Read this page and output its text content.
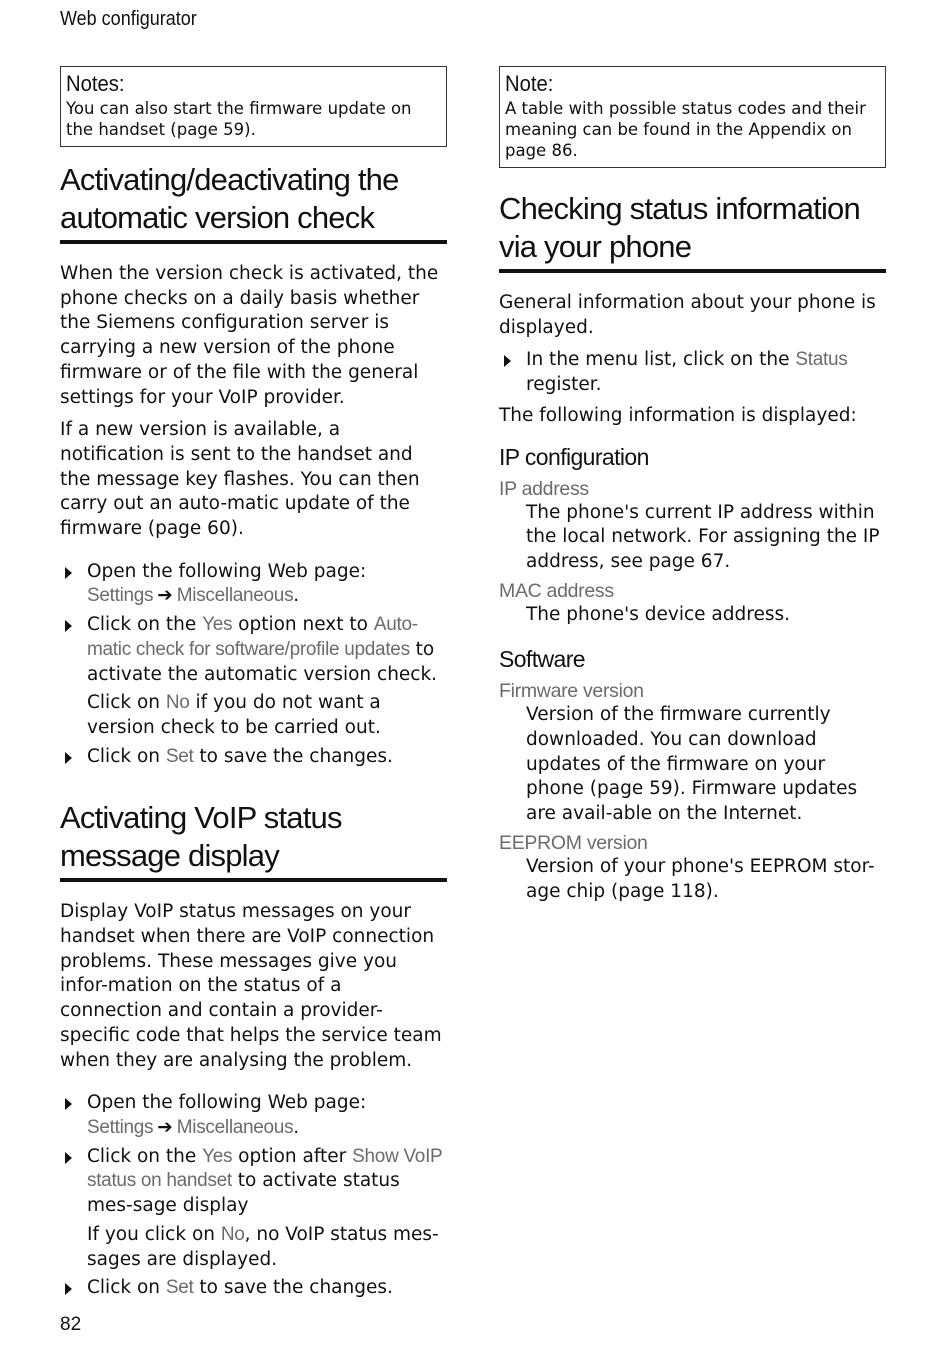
Web configurator
Notes:
You can also start the firmware update on the handset (page 59).
Activating/deactivating the automatic version check

When the version check is activated, the phone checks on a daily basis whether the Siemens configuration server is carrying a new version of the phone firmware or of the file with the general settings for your VoIP provider.

If a new version is available, a notification is sent to the handset and the message key flashes. You can then carry out an auto-matic update of the firmware (page 60).

Open the following Web page:
Settings ➔ Miscellaneous.
Click on the Yes option next to Auto-matic check for software/profile updates to activate the automatic version check.
Click on No if you do not want a version check to be carried out.
Click on Set to save the changes.
Activating VoIP status message display

Display VoIP status messages on your handset when there are VoIP connection problems. These messages give you infor-mation on the status of a connection and contain a provider-specific code that helps the service team when they are analysing the problem.

Open the following Web page:
Settings ➔ Miscellaneous.
Click on the Yes option after Show VoIP status on handset to activate status mes-sage display
If you click on No, no VoIP status mes-sages are displayed.
Click on Set to save the changes.
Note:
A table with possible status codes and their meaning can be found in the Appendix on page 86.
Checking status information via your phone

General information about your phone is displayed.

In the menu list, click on the Status register.

The following information is displayed:

IP configuration
IP address
The phone's current IP address within the local network. For assigning the IP address, see page 67.
MAC address
The phone's device address.
Software
Firmware version
Version of the firmware currently downloaded. You can download updates of the firmware on your phone (page 59). Firmware updates are avail-able on the Internet.
EEPROM version
Version of your phone's EEPROM stor-age chip (page 118).
82
